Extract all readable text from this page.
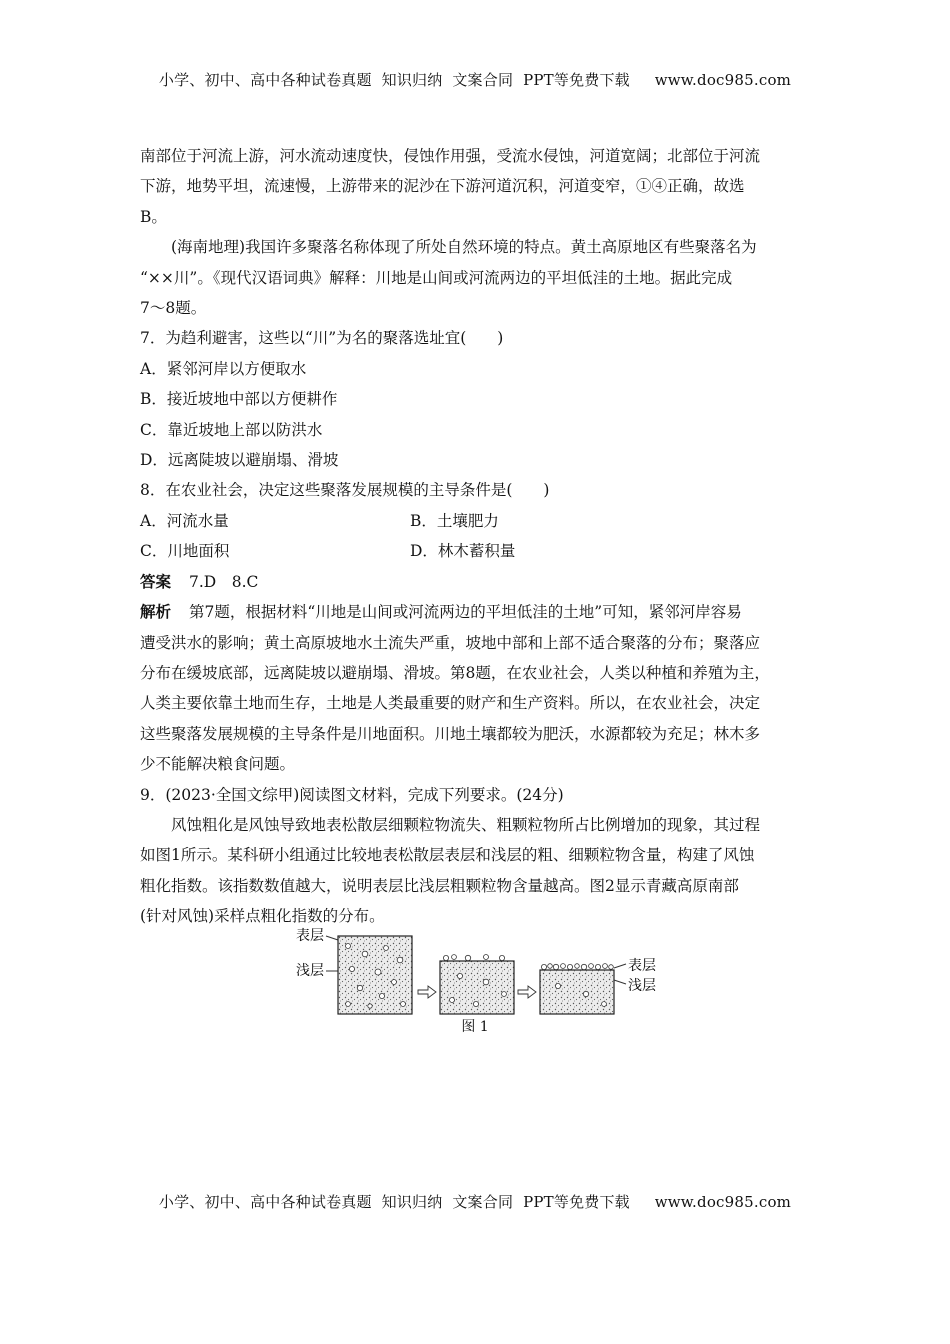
小学、初中、高中各种试卷真题  知识归纳  文案合同  PPT等免费下载     www.doc985.com

南部位于河流上游，河水流动速度快，侵蚀作用强，受流水侵蚀，河道宽阔；北部位于河流

下游，地势平坦，流速慢，上游带来的泥沙在下游河道沉积，河道变窄，①④正确，故选

B。

(海南地理)我国许多聚落名称体现了所处自然环境的特点。黄土高原地区有些聚落名为

“××川”。《现代汉语词典》解释：川地是山间或河流两边的平坦低洼的土地。据此完成

7～8题。

7．为趋利避害，这些以“川”为名的聚落选址宜(　　)

A．紧邻河岸以方便取水

B．接近坡地中部以方便耕作

C．靠近坡地上部以防洪水

D．远离陡坡以避崩塌、滑坡

8．在农业社会，决定这些聚落发展规模的主导条件是(　　)

A．河流水量	B．土壤肥力
C．川地面积	D．林木蓄积量

答案 7.D　8.C

解析 第7题，根据材料“川地是山间或河流两边的平坦低洼的土地”可知，紧邻河岸容易

遭受洪水的影响；黄土高原坡地水土流失严重，坡地中部和上部不适合聚落的分布；聚落应

分布在缓坡底部，远离陡坡以避崩塌、滑坡。第8题，在农业社会，人类以种植和养殖为主，

人类主要依靠土地而生存，土地是人类最重要的财产和生产资料。所以，在农业社会，决定

这些聚落发展规模的主导条件是川地面积。川地土壤都较为肥沃，水源都较为充足；林木多

少不能解决粮食问题。

9．(2023·全国文综甲)阅读图文材料，完成下列要求。(24分)

风蚀粗化是风蚀导致地表松散层细颗粒物流失、粗颗粒物所占比例增加的现象，其过程

如图1所示。某科研小组通过比较地表松散层表层和浅层的粗、细颗粒物含量，构建了风蚀

粗化指数。该指数数值越大，说明表层比浅层粗颗粒物含量越高。图2显示青藏高原南部

(针对风蚀)采样点粗化指数的分布。

表层
浅层	表层
浅层
图 1
小学、初中、高中各种试卷真题  知识归纳  文案合同  PPT等免费下载     www.doc985.com
